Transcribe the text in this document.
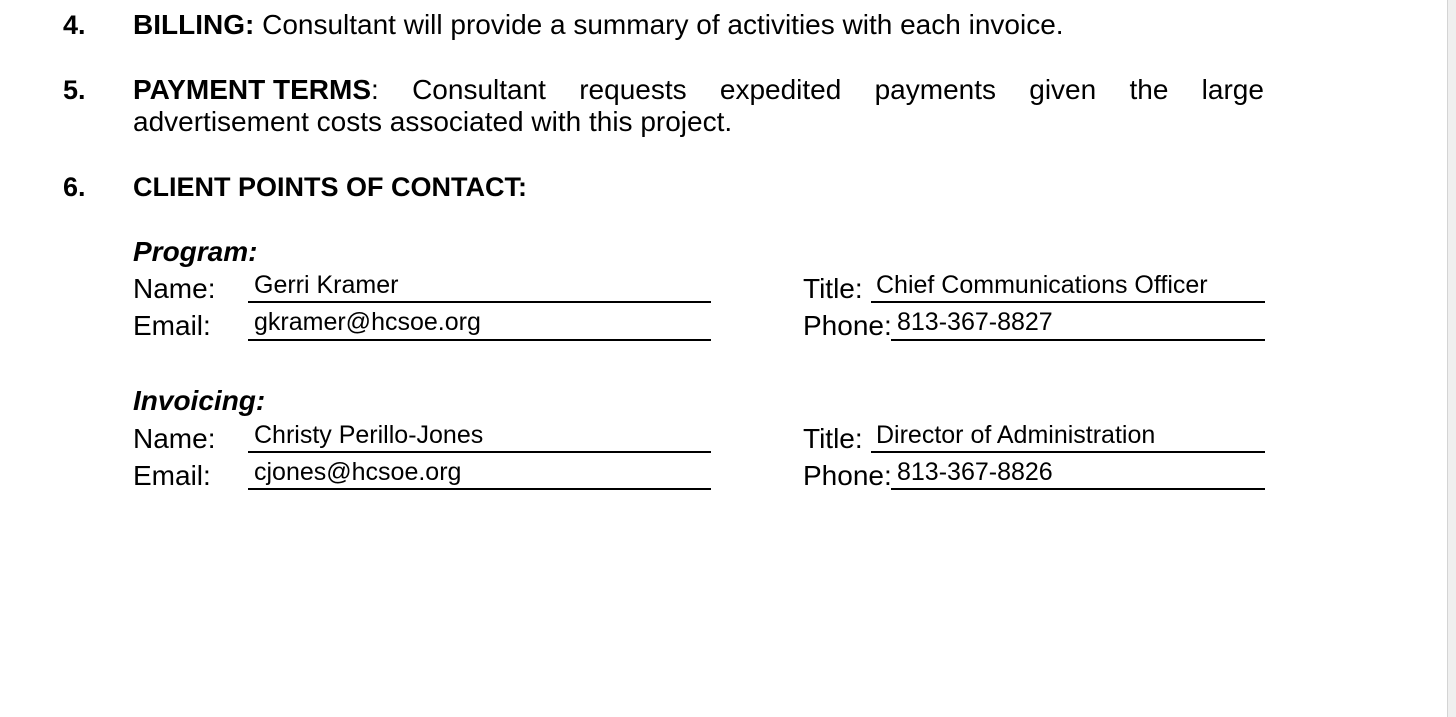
4. BILLING: Consultant will provide a summary of activities with each invoice.
5. PAYMENT TERMS: Consultant requests expedited payments given the large
advertisement costs associated with this project.
6. CLIENT POINTS OF CONTACT:
Program:
Name: Gerri Kramer	Title: Chief Communications Officer
Email: gkramer@hcsoe.org	Phone: 813-367-8827
Invoicing:
Name: Christy Perillo-Jones	Title: Director of Administration
Email: cjones@hcsoe.org	Phone: 813-367-8826
